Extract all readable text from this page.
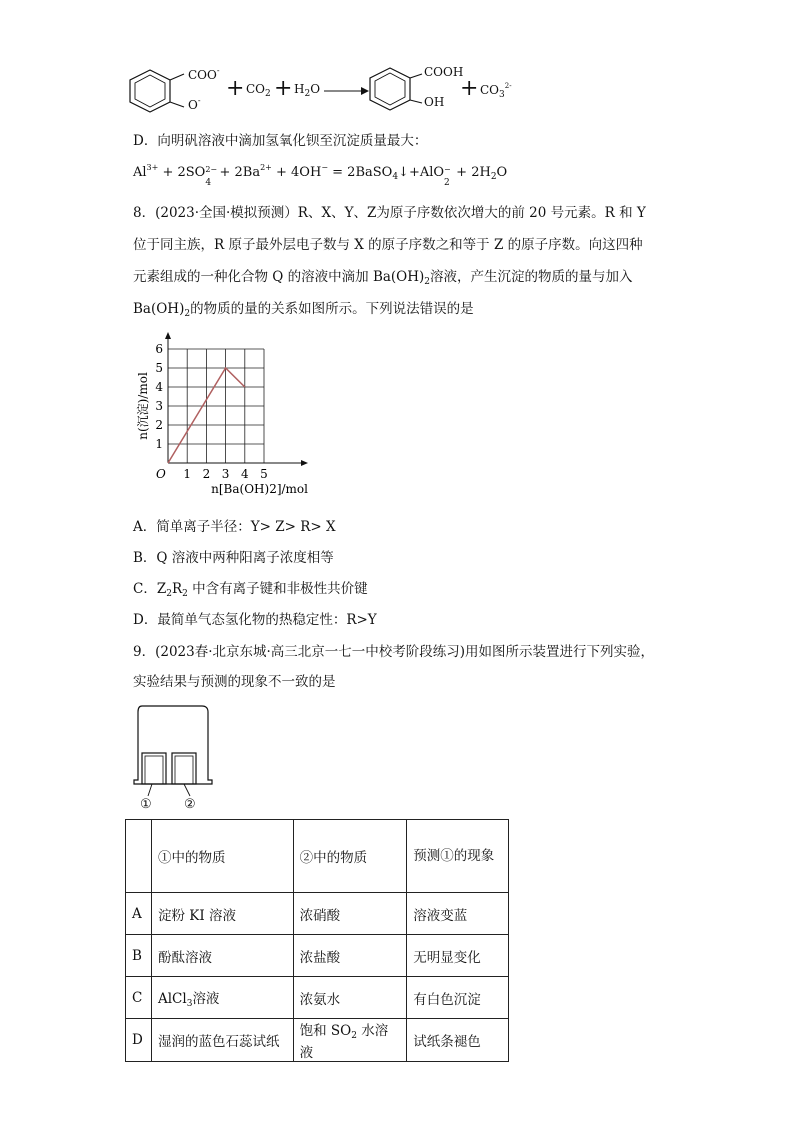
COO-
$O^- + CO_2 + H_2O$
COOH
OH
+ $CO_3^{2-}$
D．向明矾溶液中滴加氢氧化钡至沉淀质量最大：
$Al^{3+} + 2SO$ 2−
4
+ $2Ba^{2+} + 4OH^-$ = 2BaSO$_4$↓+AlO −
2
+ $2H_2O$
8．(2023·全国·模拟预测）R、X、Y、Z为原子序数依次增大的前 20 号元素。R 和 Y
位于同主族，R 原子最外层电子数与 X 的原子序数之和等于 Z 的原子序数。向这四种
元素组成的一种化合物 Q 的溶液中滴加 $Ba(OH)_2$溶液，产生沉淀的物质的量与加入
$Ba(OH)_2$的物质的量的关系如图所示。下列说法错误的是
1 2 3 4 5
1
2
3
4
5
6
O
n[Ba(OH)2]/mol
n(沉淀)/mol
A．简单离子半径：Y> Z> R> X
B．Q 溶液中两种阳离子浓度相等
C．$Z_2R_2$ 中含有离子键和非极性共价键
D．最简单气态氢化物的热稳定性：R>Y
9．(2023春·北京东城·高三北京一七一中校考阶段练习)用如图所示装置进行下列实验，
实验结果与预测的现象不一致的是
① ②
	①中的物质	②中的物质	预测①的现象
A	淀粉 KI 溶液	浓硝酸	溶液变蓝
B	酚酞溶液	浓盐酸	无明显变化
C	AlCl$_3$溶液	浓氨水	有白色沉淀
D	湿润的蓝色石蕊试纸	饱和 $SO_2$ 水溶液	试纸条褪色
